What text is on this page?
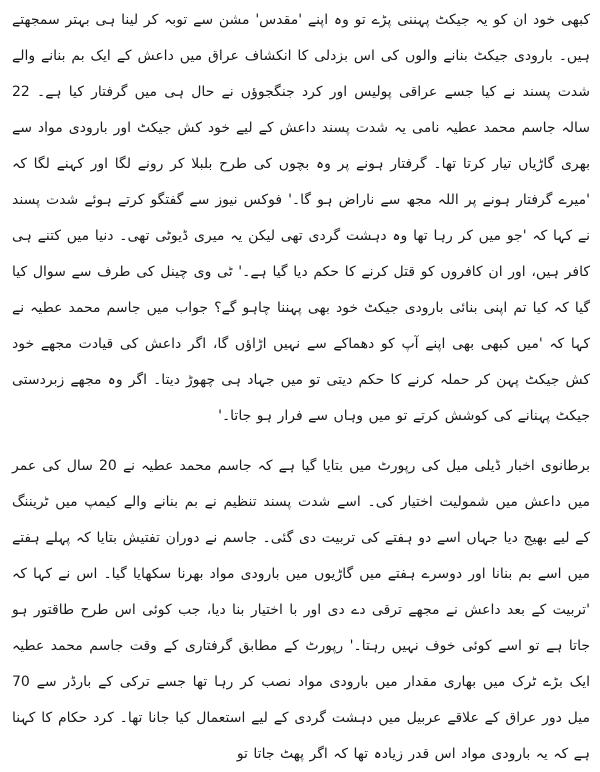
کبھی خود ان کو یہ جیکٹ پہننی پڑے تو وہ اپنے 'مقدس' مشن سے توبہ کر لینا ہی بہتر سمجھتے ہیں۔ بارودی جیکٹ بنانے والوں کی اس بزدلی کا انکشاف عراق میں داعش کے ایک بم بنانے والے شدت پسند نے کیا جسے عراقی پولیس اور کرد جنگجوؤں نے حال ہی میں گرفتار کیا ہے۔ 22 سالہ جاسم محمد عطیہ نامی یہ شدت پسند داعش کے لیے خود کش جیکٹ اور بارودی مواد سے بھری گاڑیاں تیار کرتا تھا۔ گرفتار ہونے پر وہ بچوں کی طرح بلبلا کر رونے لگا اور کہنے لگا کہ 'میرے گرفتار ہونے پر اللہ مجھ سے ناراض ہو گا۔' فوکس نیوز سے گفتگو کرتے ہوئے شدت پسند نے کہا کہ 'جو میں کر رہا تھا وہ دہشت گردی تھی لیکن یہ میری ڈیوٹی تھی۔ دنیا میں کتنے ہی کافر ہیں، اور ان کافروں کو قتل کرنے کا حکم دیا گیا ہے۔' ٹی وی چینل کی طرف سے سوال کیا گیا کہ کیا تم اپنی بنائی بارودی جیکٹ خود بھی پہننا چاہو گے؟ جواب میں جاسم محمد عطیہ نے کہا کہ 'میں کبھی بھی اپنے آپ کو دھماکے سے نہیں اڑاؤں گا، اگر داعش کی قیادت مجھے خود کش جیکٹ پہن کر حملہ کرنے کا حکم دیتی تو میں جہاد ہی چھوڑ دیتا۔ اگر وہ مجھے زبردستی جیکٹ پہنانے کی کوشش کرتے تو میں وہاں سے فرار ہو جاتا۔'

برطانوی اخبار ڈیلی میل کی رپورٹ میں بتایا گیا ہے کہ جاسم محمد عطیہ نے 20 سال کی عمر میں داعش میں شمولیت اختیار کی۔ اسے شدت پسند تنظیم نے بم بنانے والے کیمپ میں ٹریننگ کے لیے بھیج دیا جہاں اسے دو ہفتے کی تربیت دی گئی۔ جاسم نے دوران تفتیش بتایا کہ پہلے ہفتے میں اسے بم بنانا اور دوسرے ہفتے میں گاڑیوں میں بارودی مواد بھرنا سکھایا گیا۔ اس نے کہا کہ 'تربیت کے بعد داعش نے مجھے ترقی دے دی اور با اختیار بنا دیا، جب کوئی اس طرح طاقتور ہو جاتا ہے تو اسے کوئی خوف نہیں رہتا۔' رپورٹ کے مطابق گرفتاری کے وقت جاسم محمد عطیہ ایک بڑے ٹرک میں بھاری مقدار میں بارودی مواد نصب کر رہا تھا جسے ترکی کے بارڈر سے 70 میل دور عراق کے علاقے عربیل میں دہشت گردی کے لیے استعمال کیا جانا تھا۔ کرد حکام کا کہنا ہے کہ یہ بارودی مواد اس قدر زیادہ تھا کہ اگر پھٹ جاتا تو
